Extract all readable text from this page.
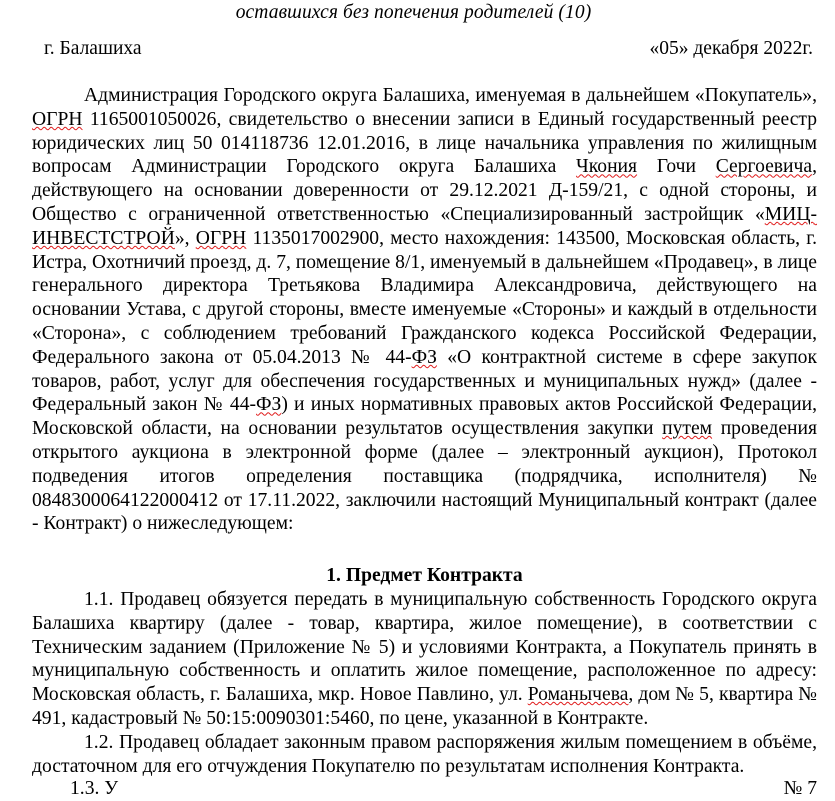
оставшихся без попечения родителей (10)
г. Балашиха	«05» декабря 2022г.

Администрация Городского округа Балашиха, именуемая в дальнейшем «Покупатель», ОГРН 1165001050026, свидетельство о внесении записи в Единый государственный реестр юридических лиц 50 014118736 12.01.2016, в лице начальника управления по жилищным вопросам Администрации Городского округа Балашиха Чкония Гочи Сергоевича, действующего на основании доверенности от 29.12.2021 Д-159/21, с одной стороны, и Общество с ограниченной ответственностью «Специализированный застройщик «МИЦ-ИНВЕСТСТРОЙ», ОГРН 1135017002900, место нахождения: 143500, Московская область, г. Истра, Охотничий проезд, д. 7, помещение 8/1, именуемый в дальнейшем «Продавец», в лице генерального директора Третьякова Владимира Александровича, действующего на основании Устава, с другой стороны, вместе именуемые «Стороны» и каждый в отдельности «Сторона», с соблюдением требований Гражданского кодекса Российской Федерации, Федерального закона от 05.04.2013 № 44-ФЗ «О контрактной системе в сфере закупок товаров, работ, услуг для обеспечения государственных и муниципальных нужд» (далее - Федеральный закон № 44-ФЗ) и иных нормативных правовых актов Российской Федерации, Московской области, на основании результатов осуществления закупки путем проведения открытого аукциона в электронной форме (далее – электронный аукцион), Протокол подведения итогов определения поставщика (подрядчика, исполнителя) № 0848300064122000412 от 17.11.2022, заключили настоящий Муниципальный контракт (далее - Контракт) о нижеследующем:

1. Предмет Контракта

1.1. Продавец обязуется передать в муниципальную собственность Городского округа Балашиха квартиру (далее - товар, квартира, жилое помещение), в соответствии с Техническим заданием (Приложение № 5) и условиями Контракта, а Покупатель принять в муниципальную собственность и оплатить жилое помещение, расположенное по адресу: Московская область, г. Балашиха, мкр. Новое Павлино, ул. Романычева, дом № 5, квартира № 491, кадастровый № 50:15:0090301:5460, по цене, указанной в Контракте.

1.2. Продавец обладает законным правом распоряжения жилым помещением в объёме, достаточном для его отчуждения Покупателю по результатам исполнения Контракта.

1.3. У	№ 7
